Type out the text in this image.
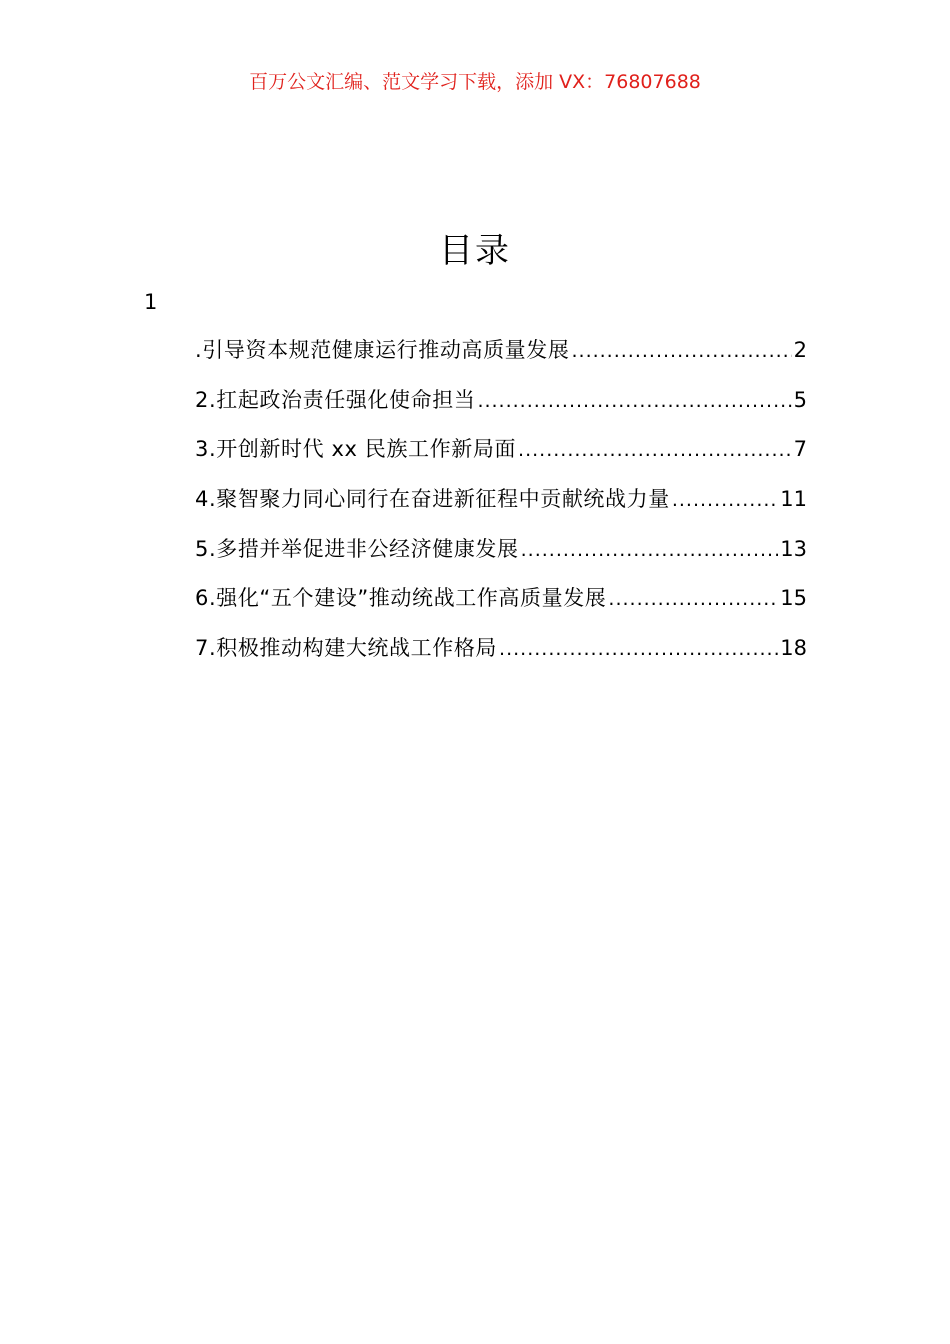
百万公文汇编、范文学习下载，添加 VX：76807688
目录
1
.引导资本规范健康运行推动高质量发展 .....	2
2.扛起政治责任强化使命担当 .....	5
3.开创新时代 xx 民族工作新局面 .....	7
4.聚智聚力同心同行在奋进新征程中贡献统战力量 .....	11
5.多措并举促进非公经济健康发展 .....	13
6.强化“五个建设”推动统战工作高质量发展 .....	15
7.积极推动构建大统战工作格局 .....	18
